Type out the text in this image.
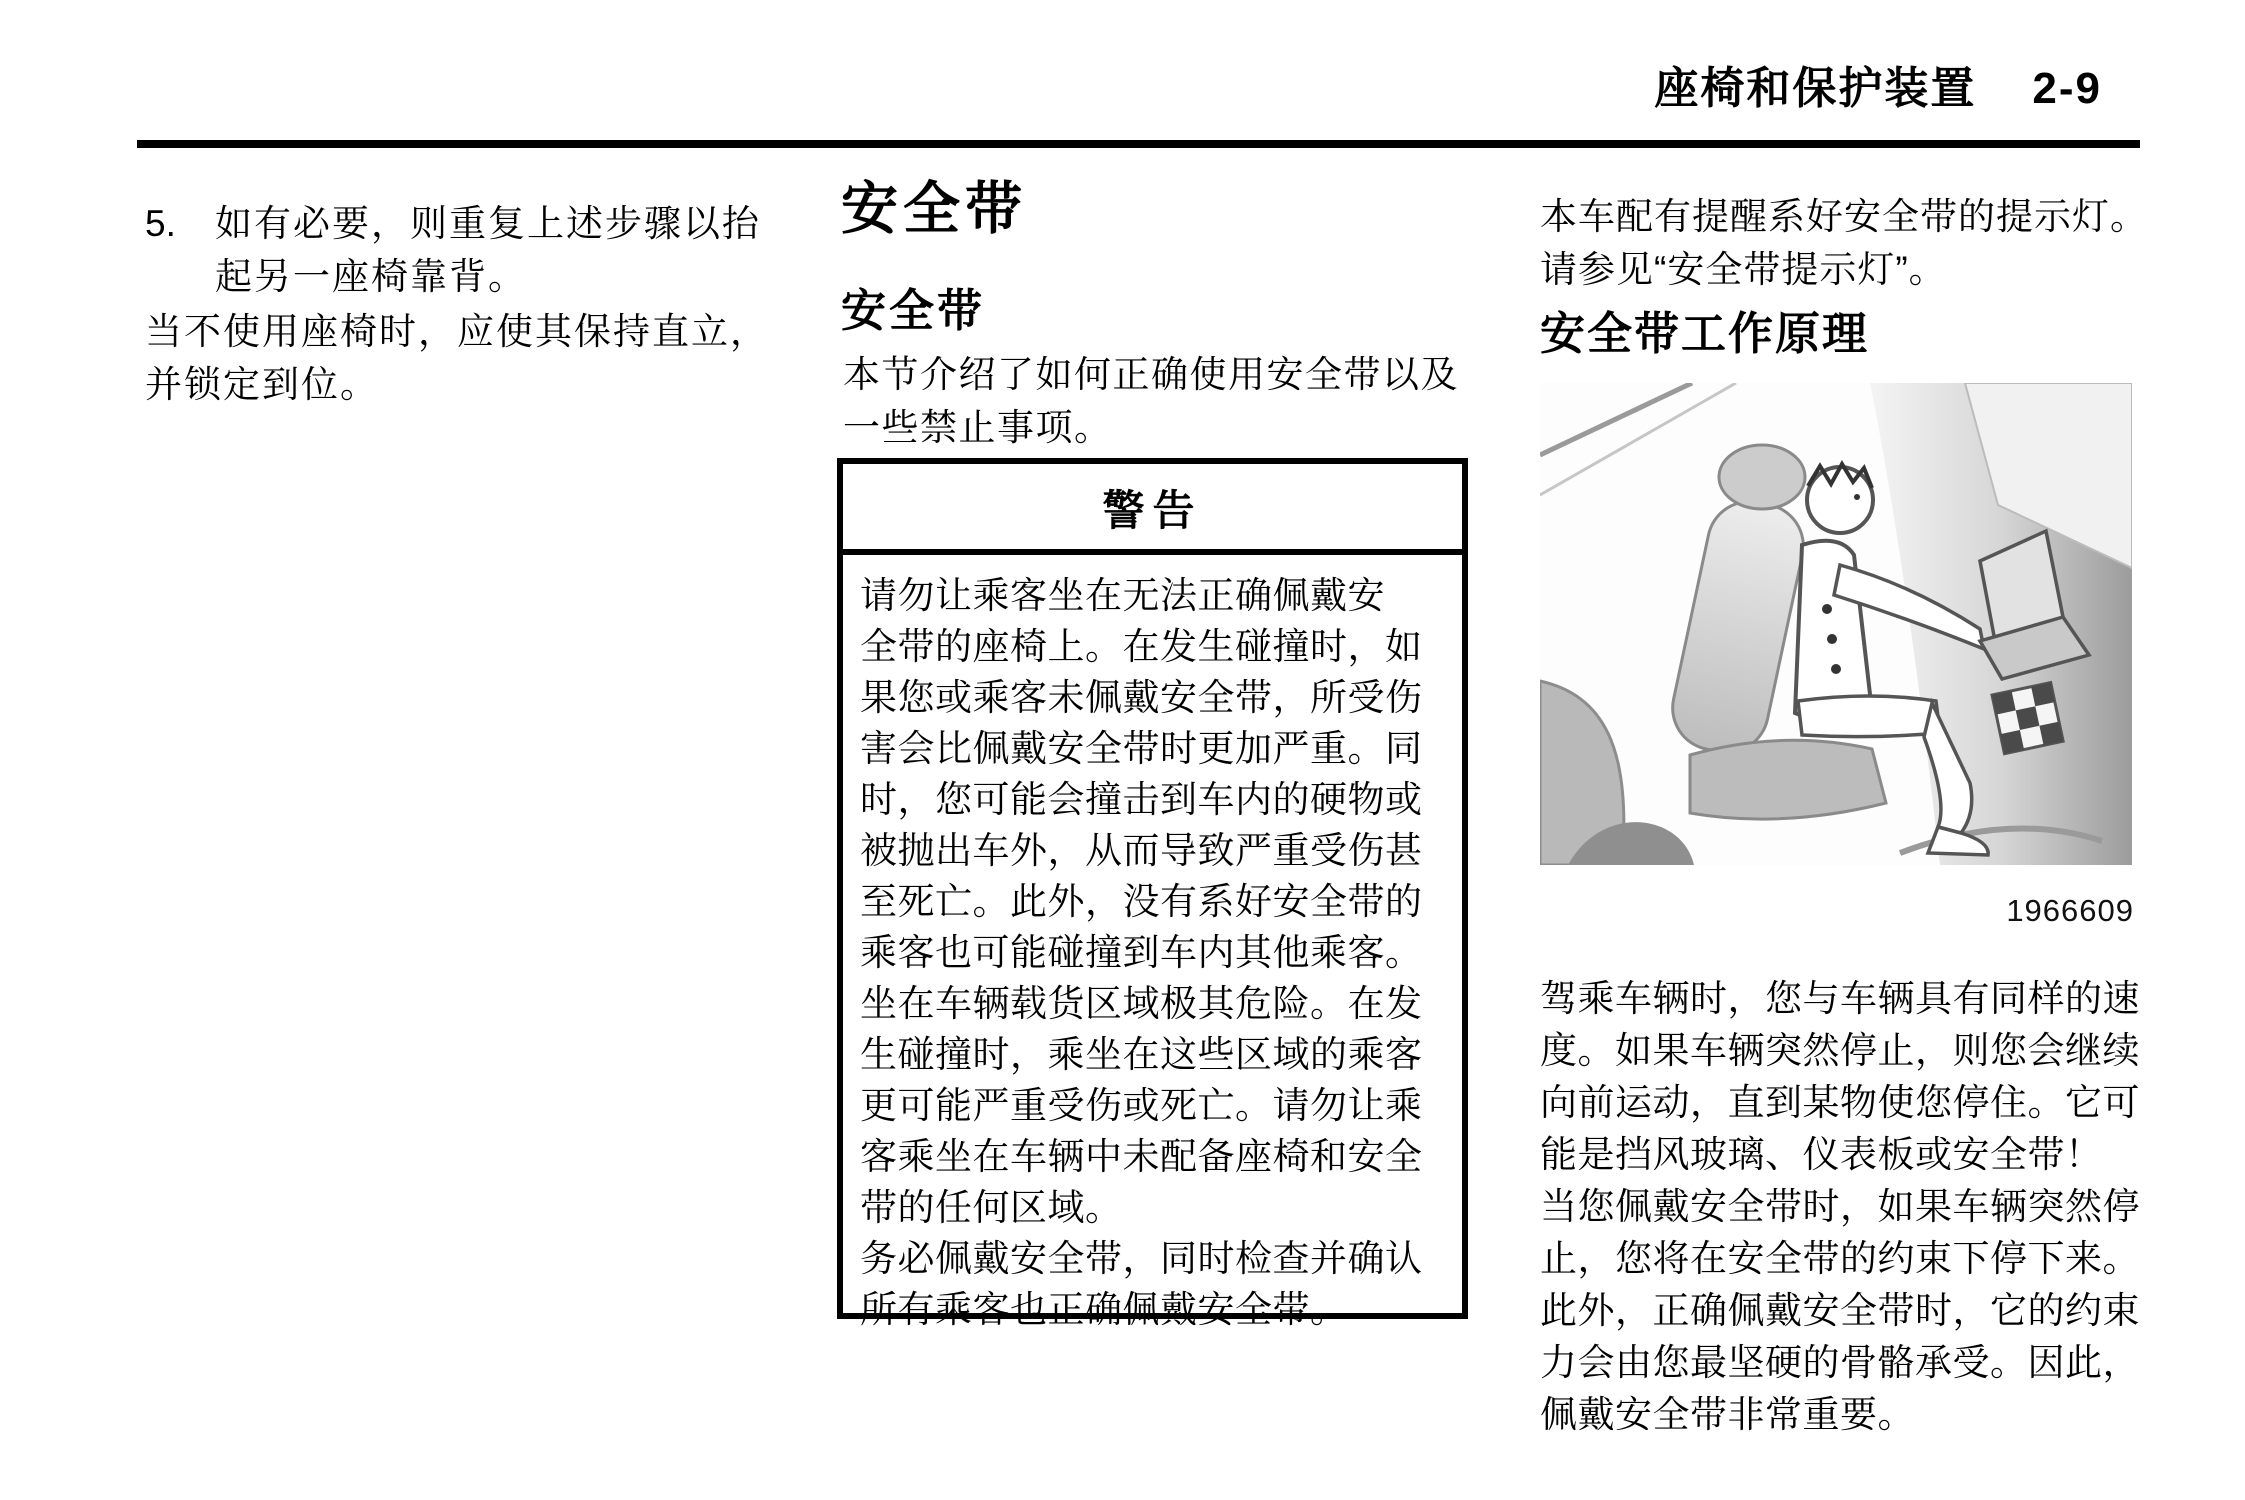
座椅和保护装置 2-9
5.	如有必要，则重复上述步骤以抬
起另一座椅靠背。
当不使用座椅时，应使其保持直立，
并锁定到位。
安全带
安全带
本节介绍了如何正确使用安全带以及
一些禁止事项。
警告
请勿让乘客坐在无法正确佩戴安
全带的座椅上。在发生碰撞时，如
果您或乘客未佩戴安全带，所受伤
害会比佩戴安全带时更加严重。同
时，您可能会撞击到车内的硬物或
被抛出车外，从而导致严重受伤甚
至死亡。此外，没有系好安全带的
乘客也可能碰撞到车内其他乘客。
坐在车辆载货区域极其危险。在发
生碰撞时，乘坐在这些区域的乘客
更可能严重受伤或死亡。请勿让乘
客乘坐在车辆中未配备座椅和安全
带的任何区域。
务必佩戴安全带，同时检查并确认
所有乘客也正确佩戴安全带。
本车配有提醒系好安全带的提示灯。
请参见“安全带提示灯”。
安全带工作原理
1966609
驾乘车辆时，您与车辆具有同样的速
度。如果车辆突然停止，则您会继续
向前运动，直到某物使您停住。它可
能是挡风玻璃、仪表板或安全带！
当您佩戴安全带时，如果车辆突然停
止，您将在安全带的约束下停下来。
此外，正确佩戴安全带时，它的约束
力会由您最坚硬的骨骼承受。因此，
佩戴安全带非常重要。
